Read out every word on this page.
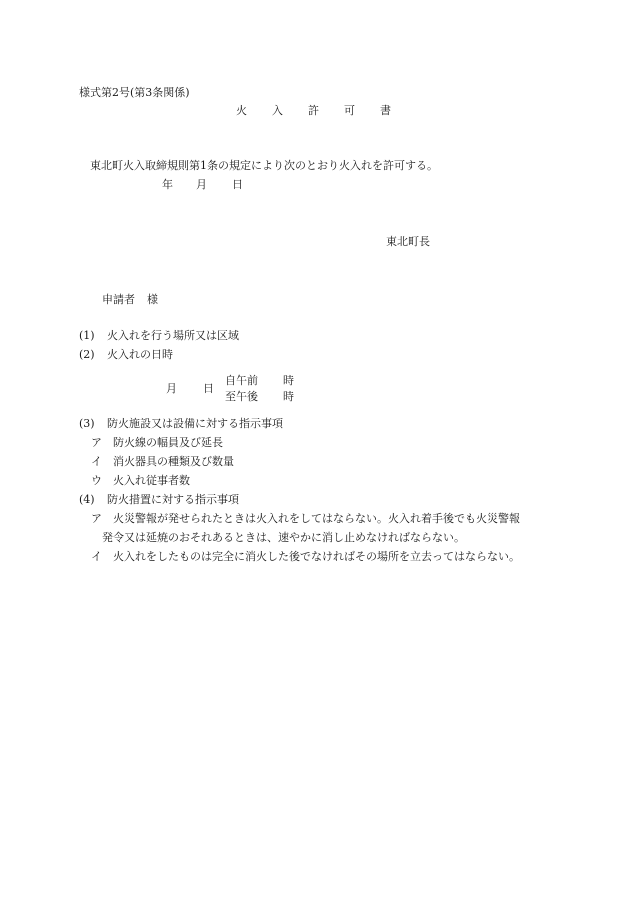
様式第2号(第3条関係)
火 入 許 可 書
東北町火入取締規則第1条の規定により次のとおり火入れを許可する。
年 月 日
東北町長
申請者 様
(1) 火入れを行う場所又は区域
(2) 火入れの日時
月 日
自午前 時
至午後 時
(3) 防火施設又は設備に対する指示事項
ア 防火線の幅員及び延長
イ 消火器具の種類及び数量
ウ 火入れ従事者数
(4) 防火措置に対する指示事項
ア 火災警報が発せられたときは火入れをしてはならない。火入れ着手後でも火災警報
発令又は延焼のおそれあるときは、速やかに消し止めなければならない。
イ 火入れをしたものは完全に消火した後でなければその場所を立去ってはならない。
